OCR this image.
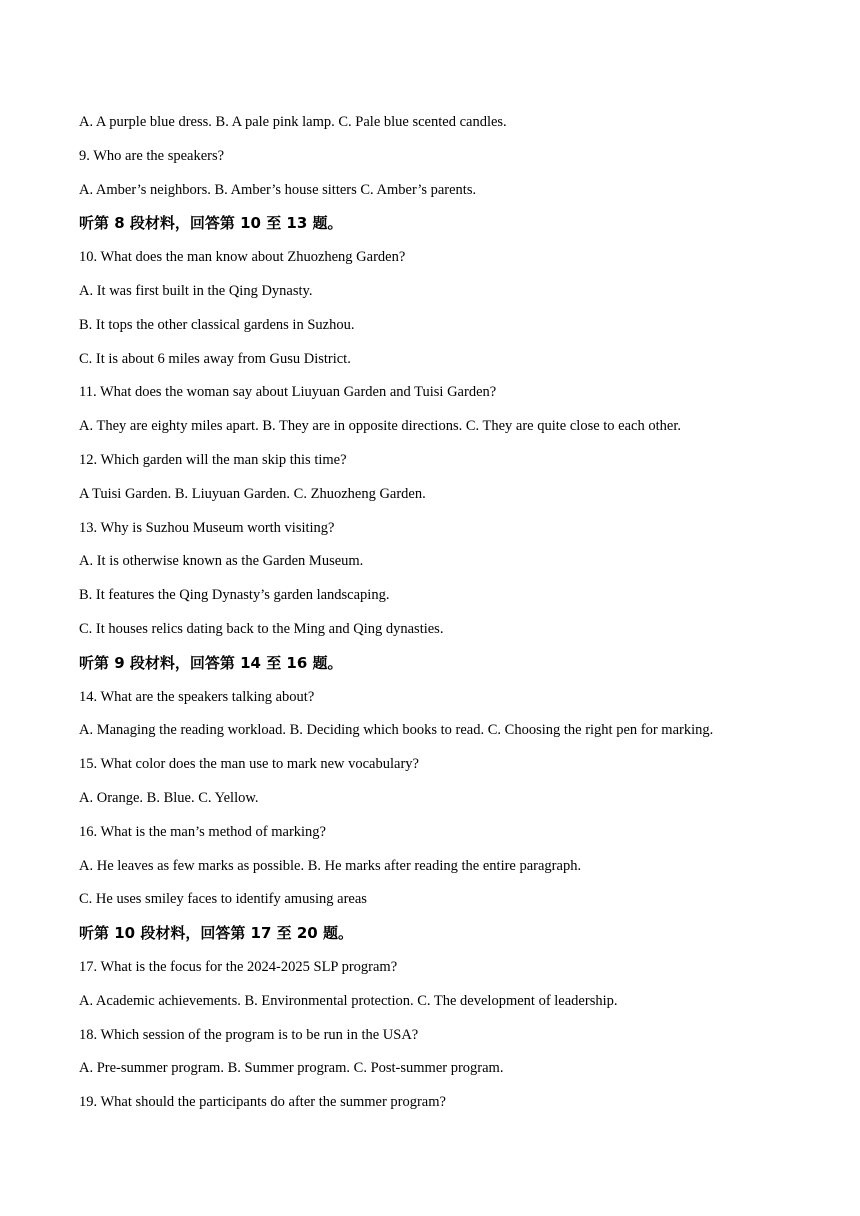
A. A purple blue dress. B. A pale pink lamp. C. Pale blue scented candles.
9. Who are the speakers?
A. Amber’s neighbors. B. Amber’s house sitters C. Amber’s parents.
听第 8 段材料，回答第 10 至 13 题。
10. What does the man know about Zhuozheng Garden?
A. It was first built in the Qing Dynasty.
B. It tops the other classical gardens in Suzhou.
C. It is about 6 miles away from Gusu District.
11. What does the woman say about Liuyuan Garden and Tuisi Garden?
A. They are eighty miles apart. B. They are in opposite directions. C. They are quite close to each other.
12. Which garden will the man skip this time?
A Tuisi Garden. B. Liuyuan Garden. C. Zhuozheng Garden.
13. Why is Suzhou Museum worth visiting?
A. It is otherwise known as the Garden Museum.
B. It features the Qing Dynasty’s garden landscaping.
C. It houses relics dating back to the Ming and Qing dynasties.
听第 9 段材料，回答第 14 至 16 题。
14. What are the speakers talking about?
A. Managing the reading workload. B. Deciding which books to read. C. Choosing the right pen for marking.
15. What color does the man use to mark new vocabulary?
A. Orange. B. Blue. C. Yellow.
16. What is the man’s method of marking?
A. He leaves as few marks as possible. B. He marks after reading the entire paragraph.
C. He uses smiley faces to identify amusing areas
听第 10 段材料，回答第 17 至 20 题。
17. What is the focus for the 2024-2025 SLP program?
A. Academic achievements. B. Environmental protection. C. The development of leadership.
18. Which session of the program is to be run in the USA?
A. Pre-summer program. B. Summer program. C. Post-summer program.
19. What should the participants do after the summer program?
